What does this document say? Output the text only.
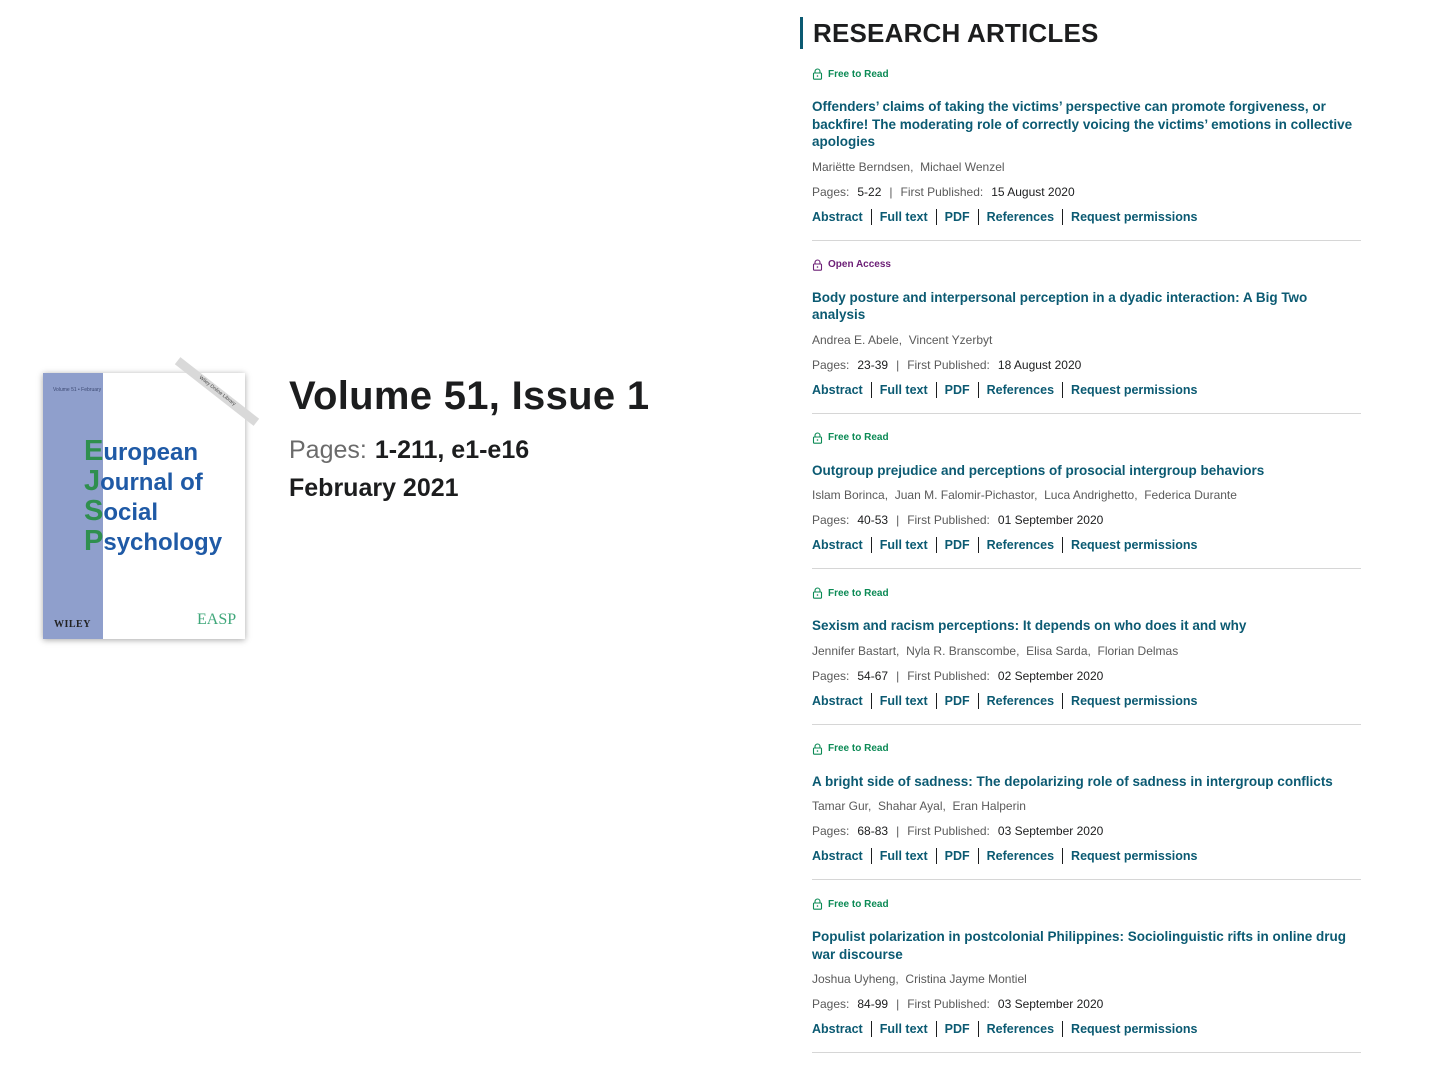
Volume 51 • February	Wiley Online Library
European
Journal of
Social
Psychology
WILEY	EASP
Volume 51, Issue 1
Pages: 1-211, e1-e16
February 2021
RESEARCH ARTICLES
Free to Read
Offenders’ claims of taking the victims’ perspective can promote forgiveness, or backfire! The moderating role of correctly voicing the victims’ emotions in collective apologies
Mariëtte Berndsen ,  Michael Wenzel
Pages: 5-22 | First Published: 15 August 2020
Abstract Full text PDF References Request permissions
Open Access
Body posture and interpersonal perception in a dyadic interaction: A Big Two analysis
Andrea E. Abele ,  Vincent Yzerbyt
Pages: 23-39 | First Published: 18 August 2020
Abstract Full text PDF References Request permissions
Free to Read
Outgroup prejudice and perceptions of prosocial intergroup behaviors
Islam Borinca ,  Juan M. Falomir-Pichastor ,  Luca Andrighetto ,  Federica Durante
Pages: 40-53 | First Published: 01 September 2020
Abstract Full text PDF References Request permissions
Free to Read
Sexism and racism perceptions: It depends on who does it and why
Jennifer Bastart ,  Nyla R. Branscombe ,  Elisa Sarda ,  Florian Delmas
Pages: 54-67 | First Published: 02 September 2020
Abstract Full text PDF References Request permissions
Free to Read
A bright side of sadness: The depolarizing role of sadness in intergroup conflicts
Tamar Gur ,  Shahar Ayal ,  Eran Halperin
Pages: 68-83 | First Published: 03 September 2020
Abstract Full text PDF References Request permissions
Free to Read
Populist polarization in postcolonial Philippines: Sociolinguistic rifts in online drug war discourse
Joshua Uyheng ,  Cristina Jayme Montiel
Pages: 84-99 | First Published: 03 September 2020
Abstract Full text PDF References Request permissions
